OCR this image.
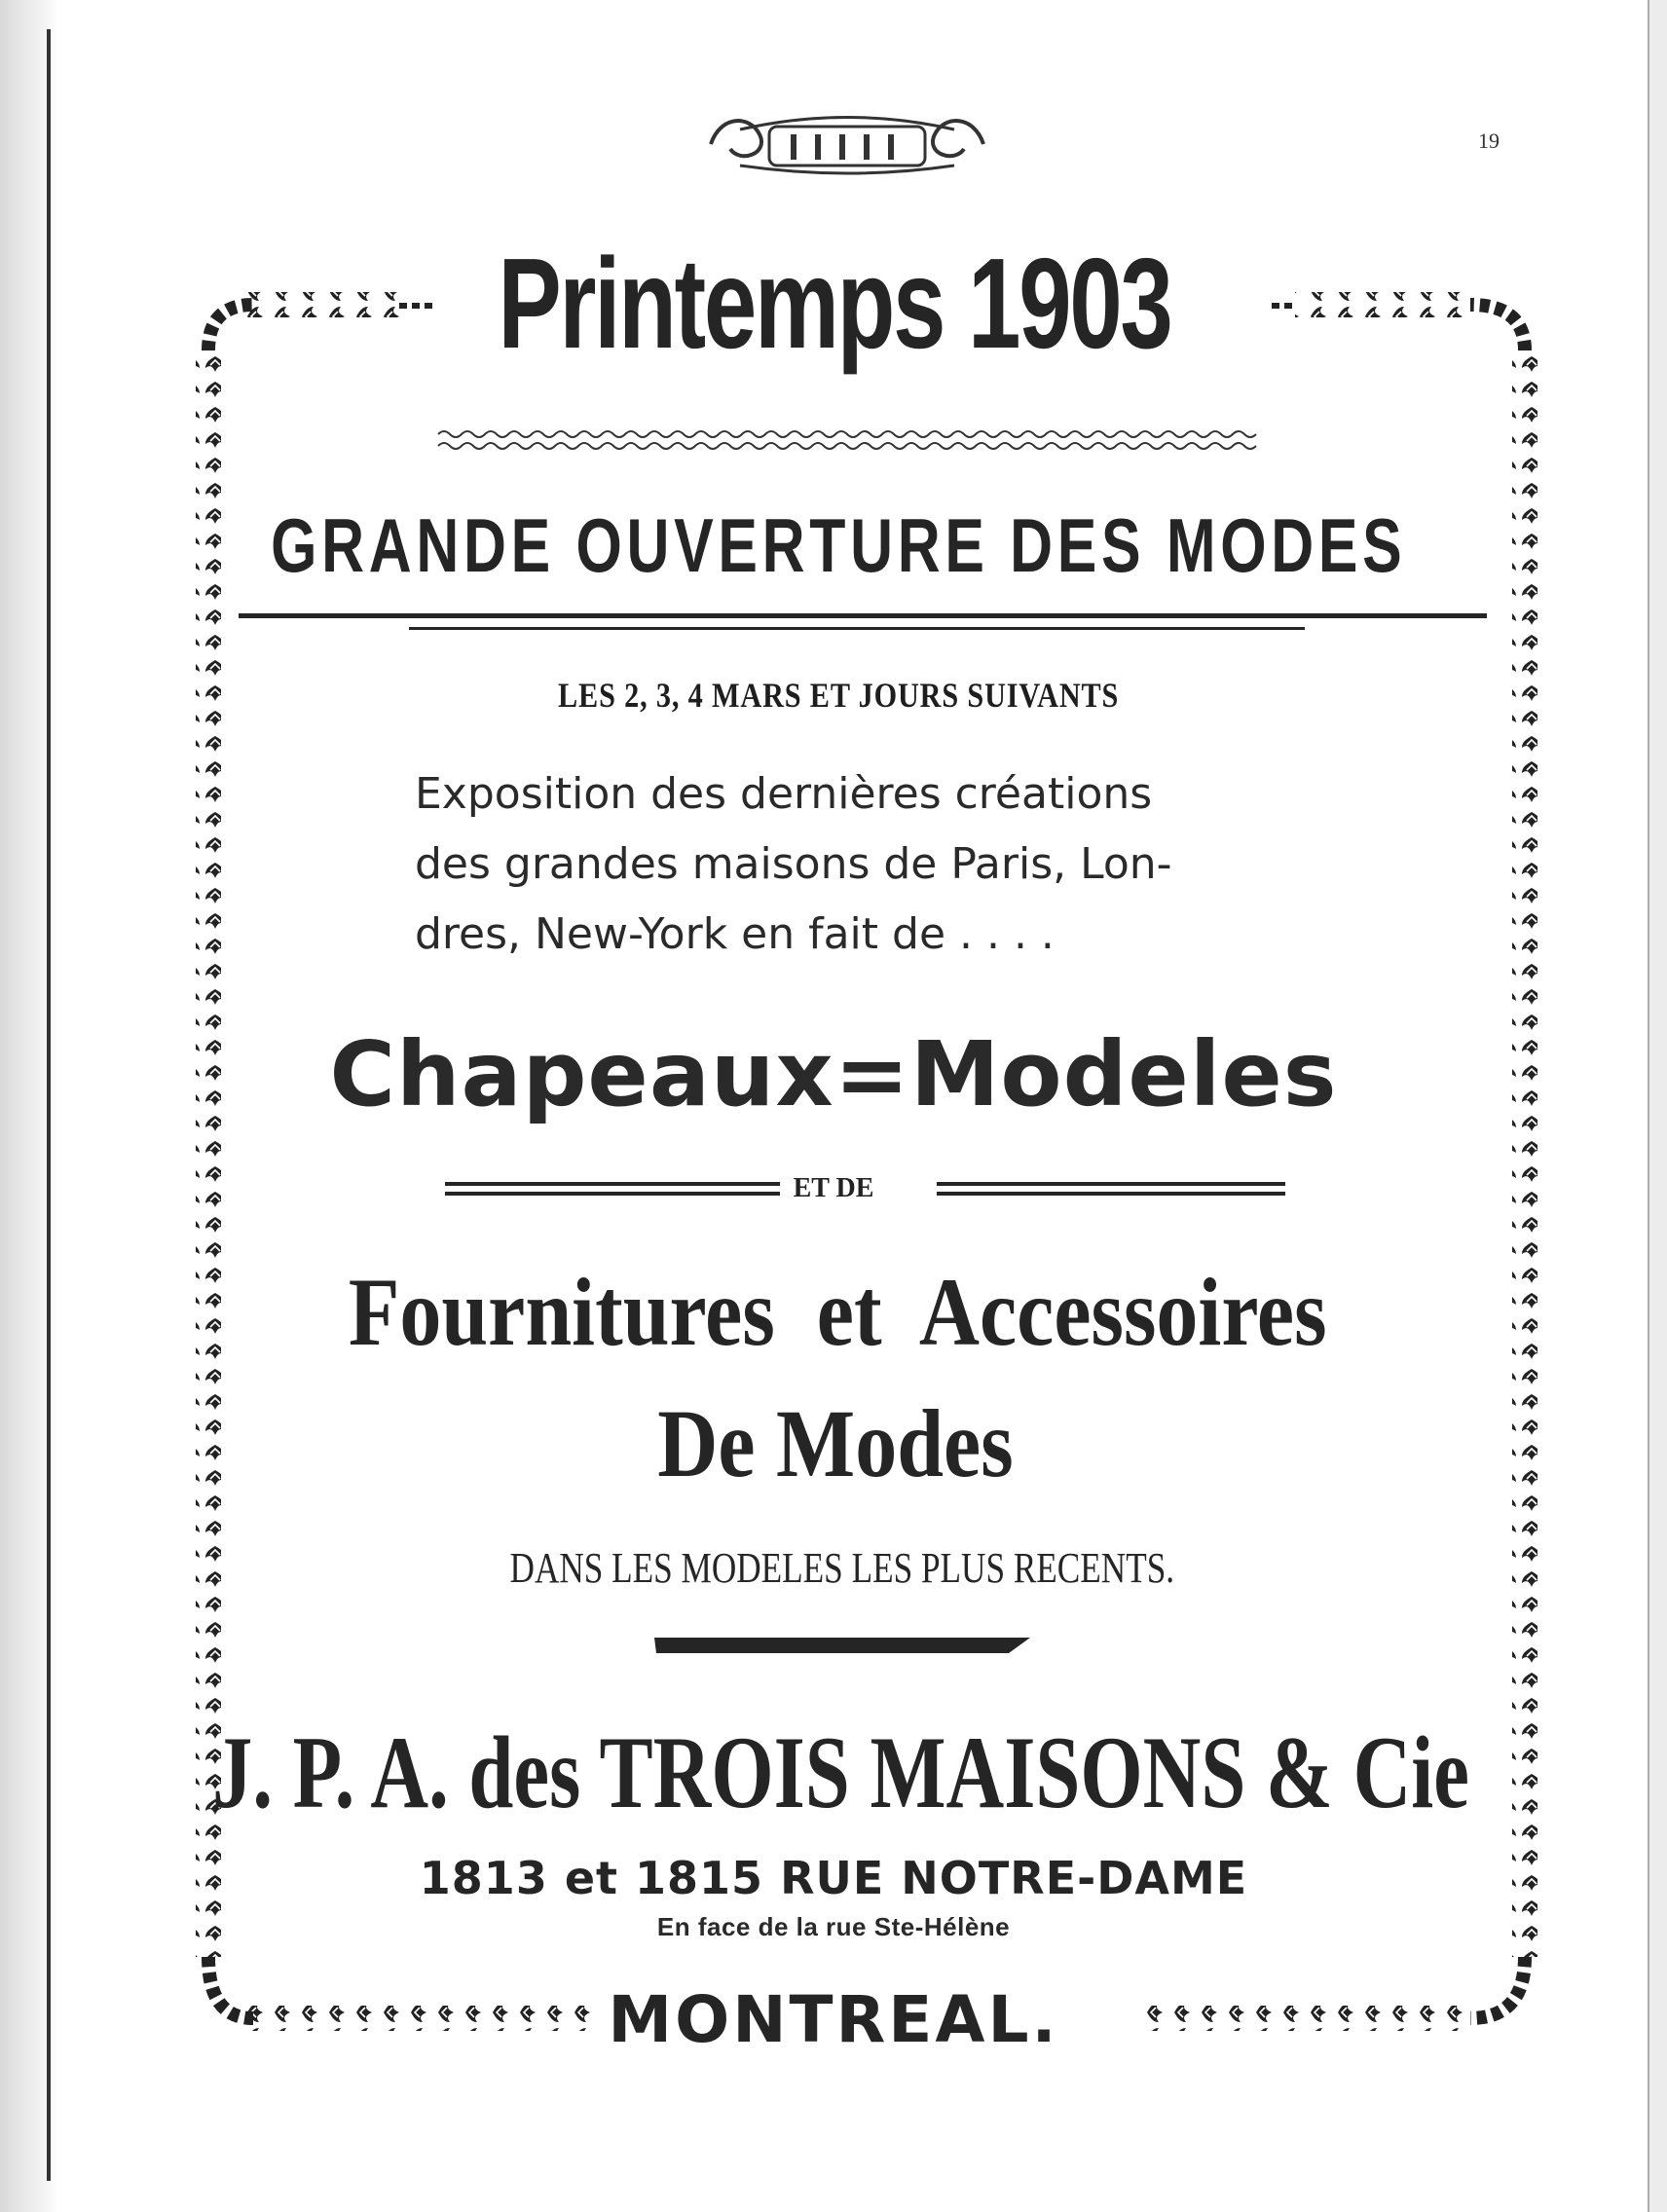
19
Printemps 1903
GRANDE OUVERTURE DES MODES
LES 2, 3, 4 MARS ET JOURS SUIVANTS
Exposition des dernières créations
des grandes maisons de Paris, Lon-
dres, New-York en fait de . . . .
Chapeaux=Modeles
ET DE
Fournitures  et  Accessoires
De Modes
DANS LES MODELES LES PLUS RECENTS.
J. P. A. des TROIS MAISONS & Cie
1813 et 1815 RUE NOTRE-DAME
En face de la rue Ste-Hélène
MONTREAL.
